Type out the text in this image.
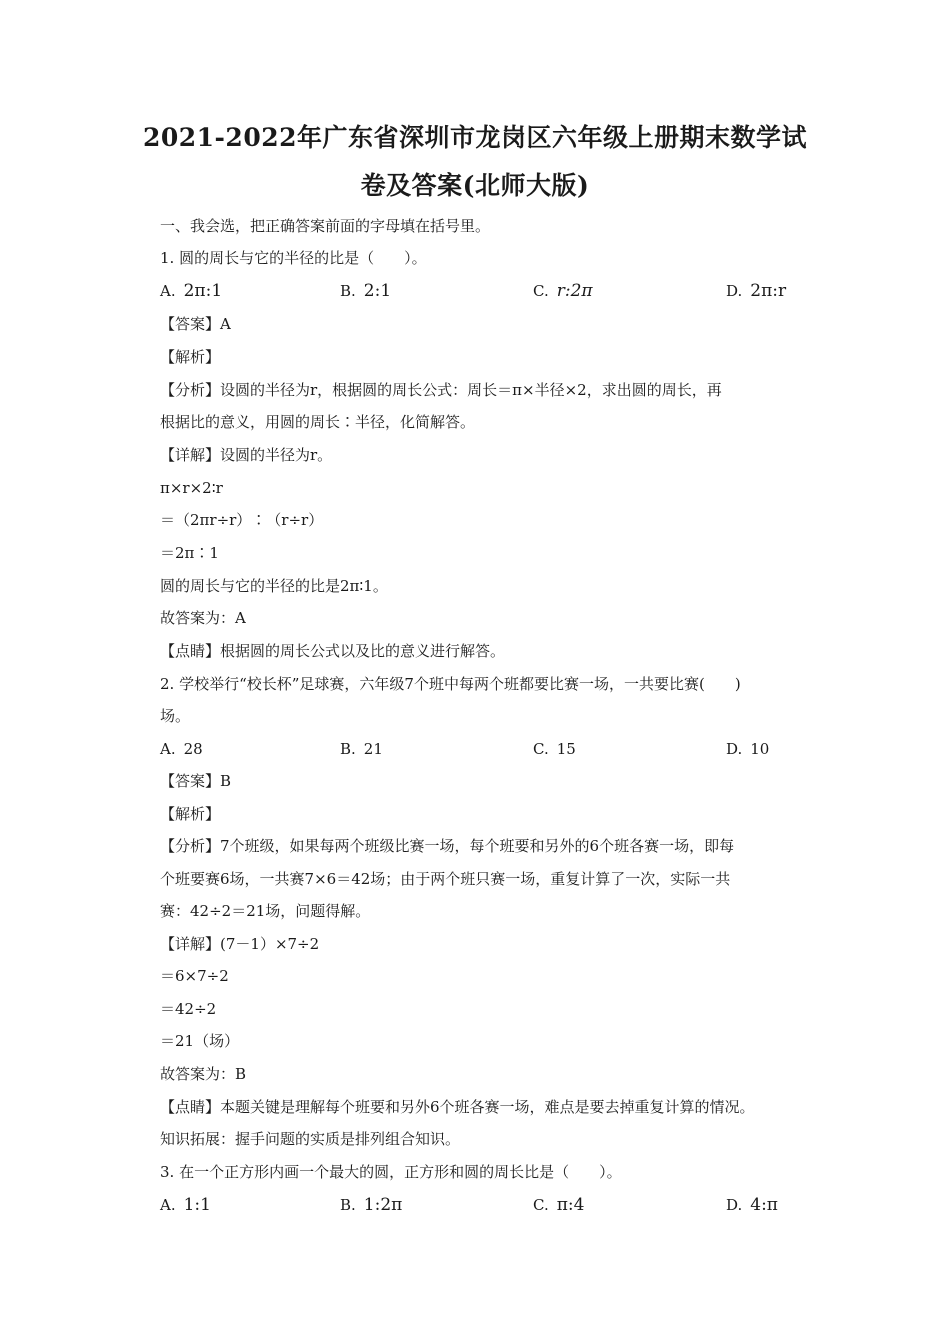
2021-2022年广东省深圳市龙岗区六年级上册期末数学试
卷及答案(北师大版)
一、我会选，把正确答案前面的字母填在括号里。
1. 圆的周长与它的半径的比是（　　）。
A. 2π:1	B. 2:1	C. r:2π	D. 2π:r
【答案】A
【解析】
【分析】设圆的半径为r，根据圆的周长公式：周长＝π×半径×2，求出圆的周长，再
根据比的意义，用圆的周长∶半径，化简解答。
【详解】设圆的半径为r。
π×r×2∶r
＝（2πr÷r）∶（r÷r）
＝2π∶1
圆的周长与它的半径的比是2π∶1。
故答案为：A
【点睛】根据圆的周长公式以及比的意义进行解答。
2. 学校举行“校长杯”足球赛，六年级7个班中每两个班都要比赛一场，一共要比赛(　　)
场。
A. 28	B. 21	C. 15	D. 10
【答案】B
【解析】
【分析】7个班级，如果每两个班级比赛一场，每个班要和另外的6个班各赛一场，即每
个班要赛6场，一共赛7×6＝42场；由于两个班只赛一场，重复计算了一次，实际一共
赛：42÷2＝21场，问题得解。
【详解】(7－1）×7÷2
＝6×7÷2
＝42÷2
＝21（场）
故答案为：B
【点睛】本题关键是理解每个班要和另外6个班各赛一场，难点是要去掉重复计算的情况。
知识拓展：握手问题的实质是排列组合知识。
3. 在一个正方形内画一个最大的圆，正方形和圆的周长比是（　　）。
A. 1:1	B. 1:2π	C. π:4	D. 4:π
